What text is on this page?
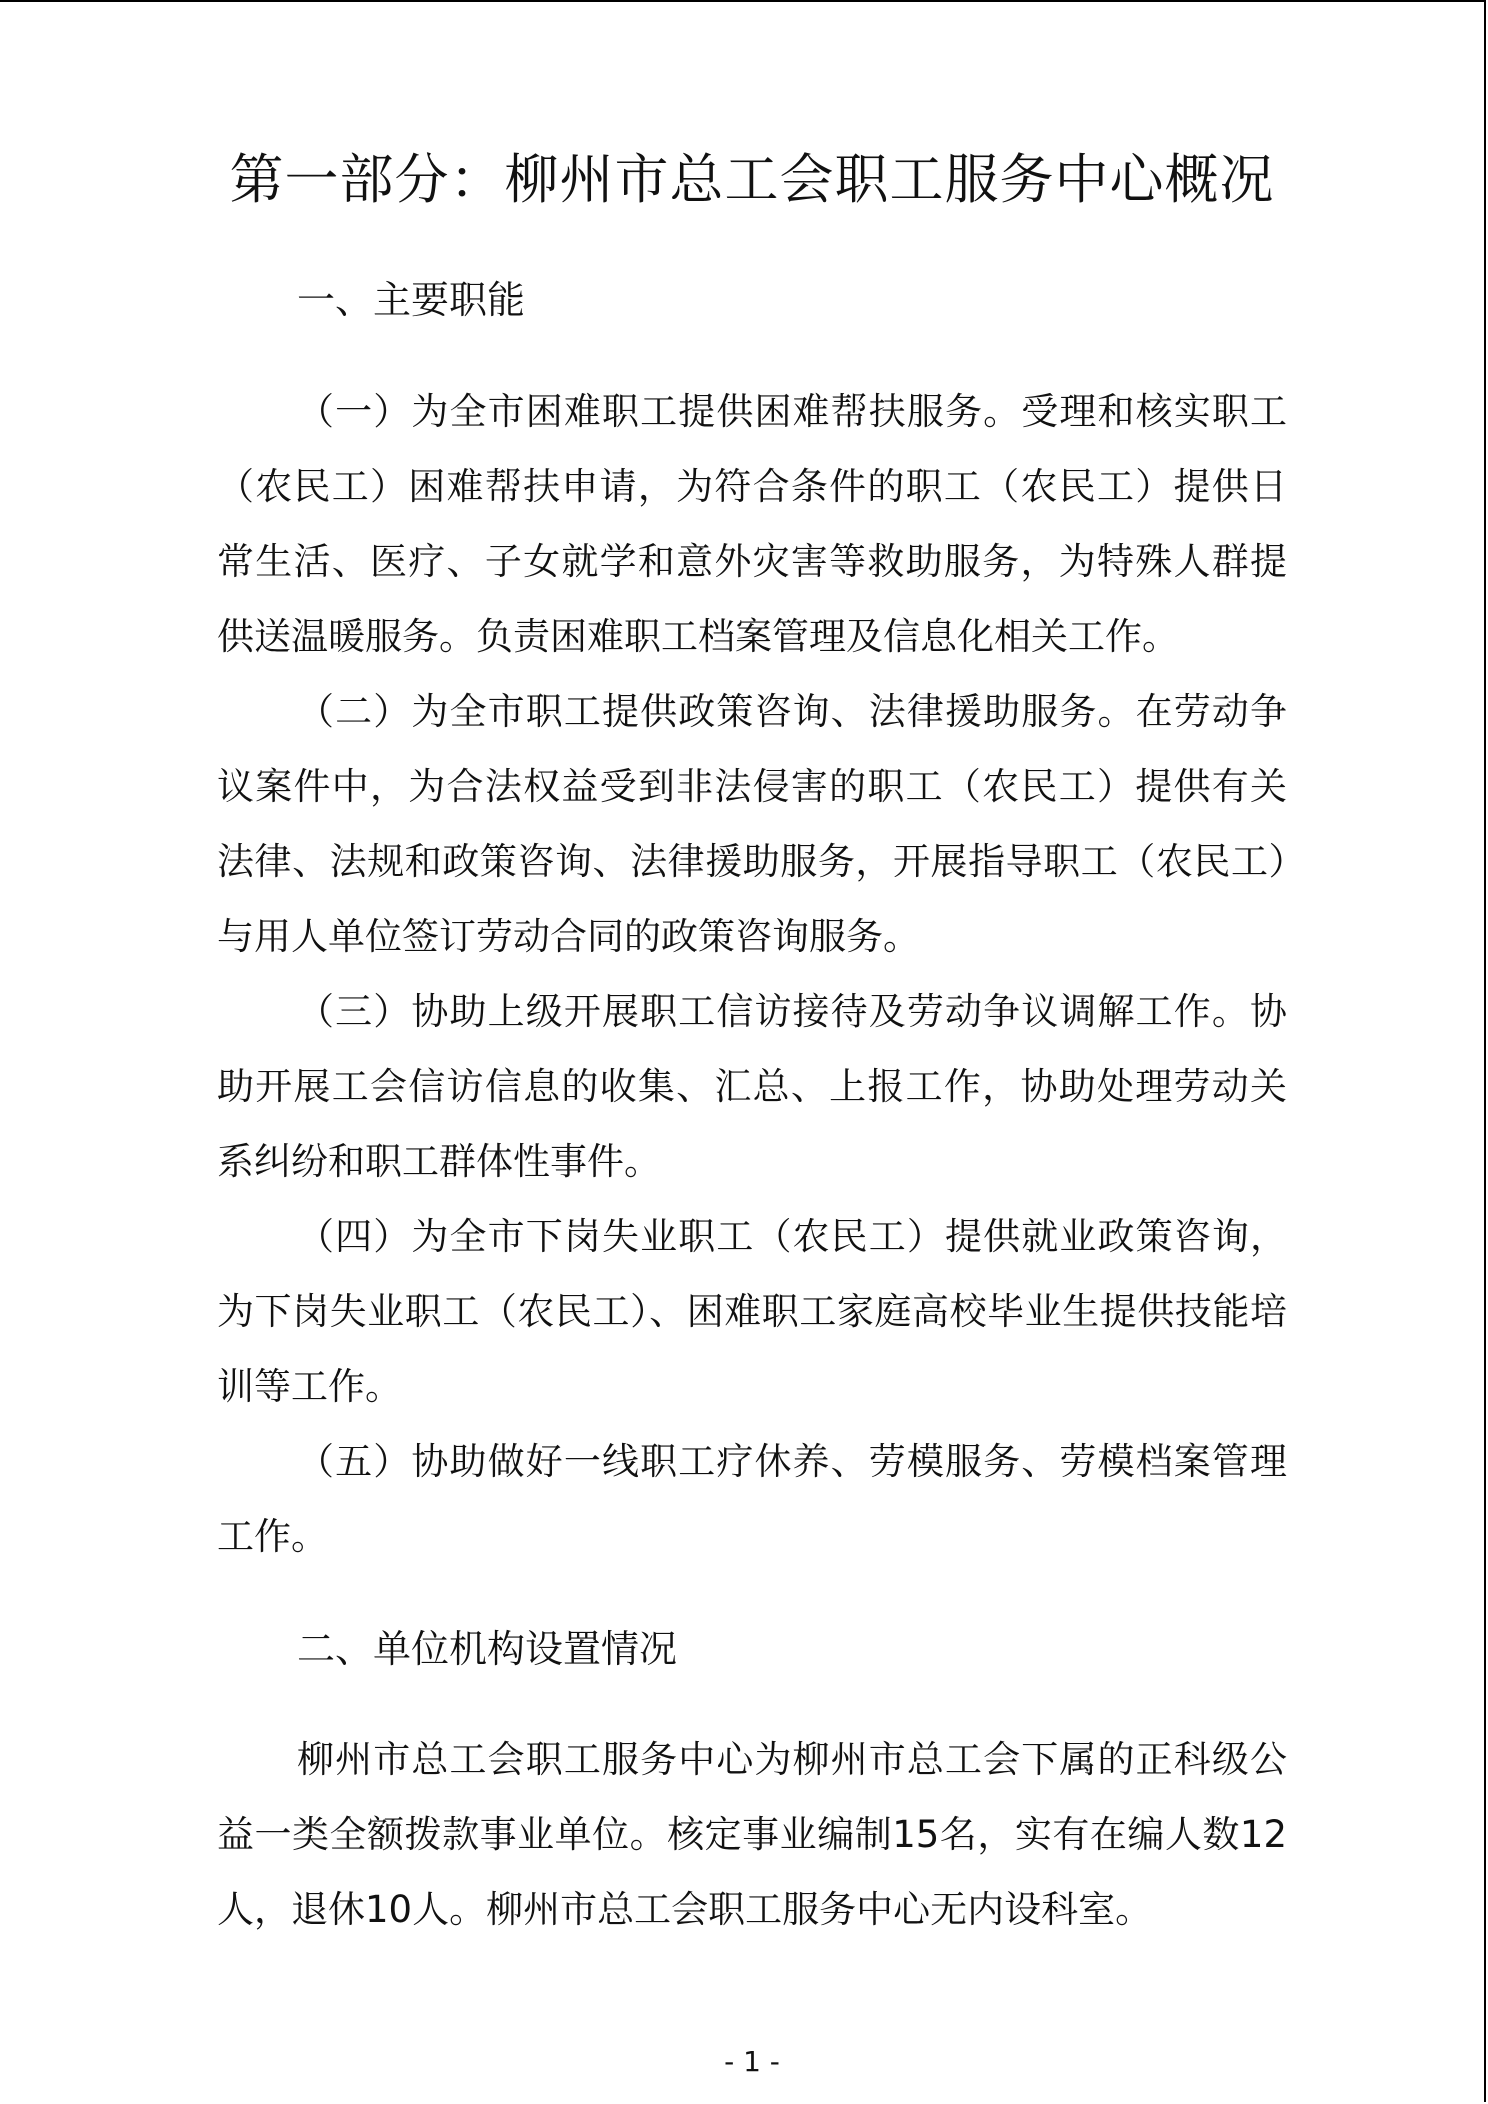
第一部分：柳州市总工会职工服务中心概况
一、主要职能

（一）为全市困难职工提供困难帮扶服务。受理和核实职工（农民工）困难帮扶申请，为符合条件的职工（农民工）提供日常生活、医疗、子女就学和意外灾害等救助服务，为特殊人群提供送温暖服务。负责困难职工档案管理及信息化相关工作。

（二）为全市职工提供政策咨询、法律援助服务。在劳动争议案件中，为合法权益受到非法侵害的职工（农民工）提供有关法律、法规和政策咨询、法律援助服务，开展指导职工（农民工）与用人单位签订劳动合同的政策咨询服务。

（三）协助上级开展职工信访接待及劳动争议调解工作。协助开展工会信访信息的收集、汇总、上报工作，协助处理劳动关系纠纷和职工群体性事件。

（四）为全市下岗失业职工（农民工）提供就业政策咨询，为下岗失业职工（农民工）、困难职工家庭高校毕业生提供技能培训等工作。

（五）协助做好一线职工疗休养、劳模服务、劳模档案管理工作。

二、单位机构设置情况

柳州市总工会职工服务中心为柳州市总工会下属的正科级公益一类全额拨款事业单位。核定事业编制15名，实有在编人数12人，退休10人。柳州市总工会职工服务中心无内设科室。

- 1 -
